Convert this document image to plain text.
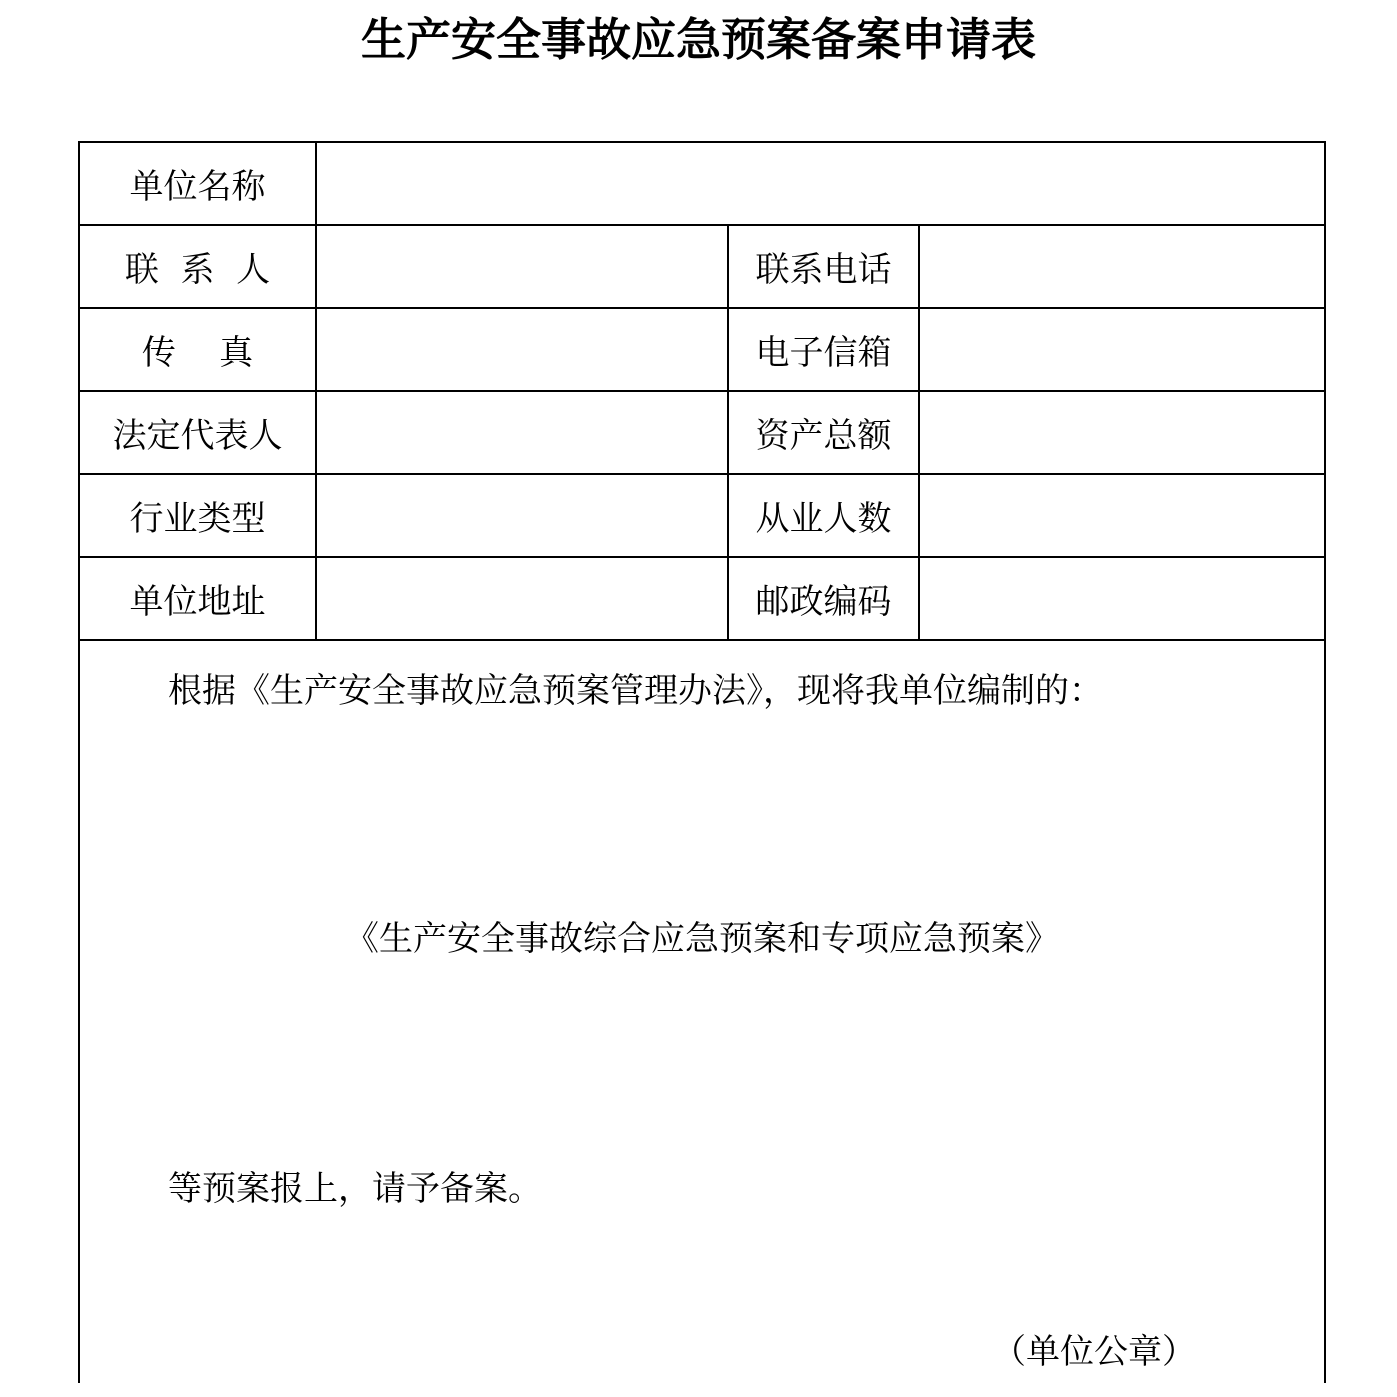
生产安全事故应急预案备案申请表
单位名称			
联  系  人		联系电话	
传    真		电子信箱	
法定代表人		资产总额	
行业类型		从业人数	
单位地址		邮政编码	

根据《生产安全事故应急预案管理办法》，现将我单位编制的：
《生产安全事故综合应急预案和专项应急预案》
等预案报上，请予备案。
（单位公章）			
